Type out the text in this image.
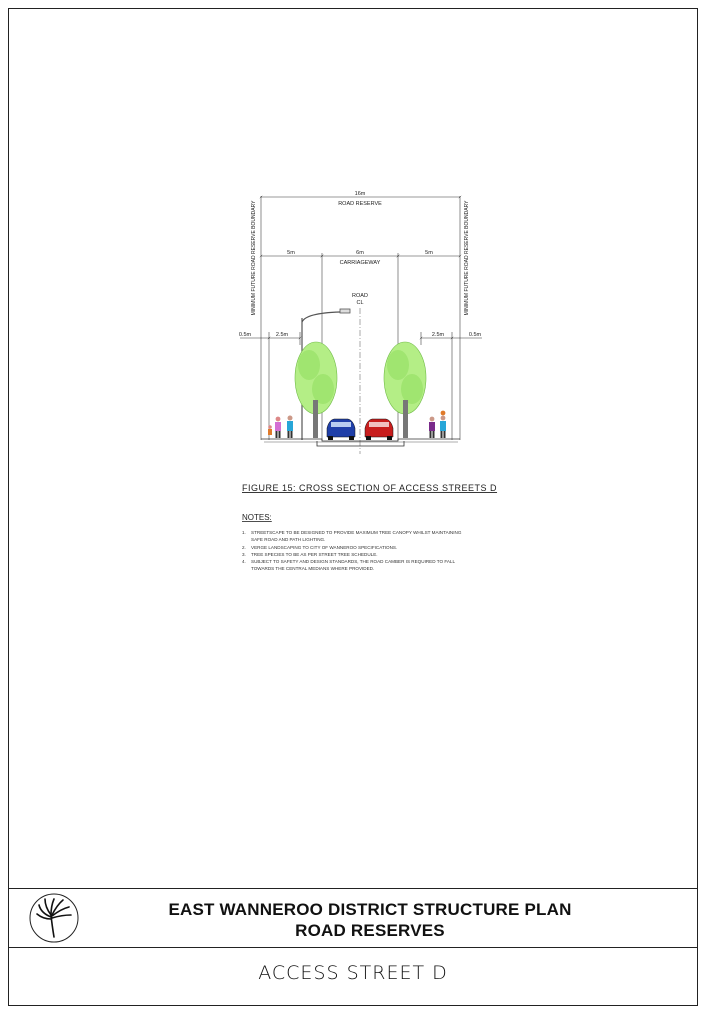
16m
ROAD RESERVE
5m	6m
CARRIAGEWAY
5m
0.5m	2.5m	2.5m	0.5m
ROAD
CL
MINIMUM FUTURE ROAD RESERVE BOUNDARY	MINIMUM FUTURE ROAD RESERVE BOUNDARY
FIGURE 15: CROSS SECTION OF ACCESS STREETS D
NOTES:
1. STREETSCAPE TO BE DESIGNED TO PROVIDE MAXIMUM TREE CANOPY WHILST MAINTAINING
SAFE ROAD AND PATH LIGHTING.
2. VERGE LANDSCAPING TO CITY OF WANNEROO SPECIFICATIONS.
3. TREE SPECIES TO BE AS PER STREET TREE SCHEDULE.
4. SUBJECT TO SAFETY AND DESIGN STANDARDS, THE ROAD CAMBER IS REQUIRED TO FALL
TOWARDS THE CENTRAL MEDIANS WHERE PROVIDED.
EAST WANNEROO DISTRICT STRUCTURE PLAN
ROAD RESERVES
ACCESS STREET D
